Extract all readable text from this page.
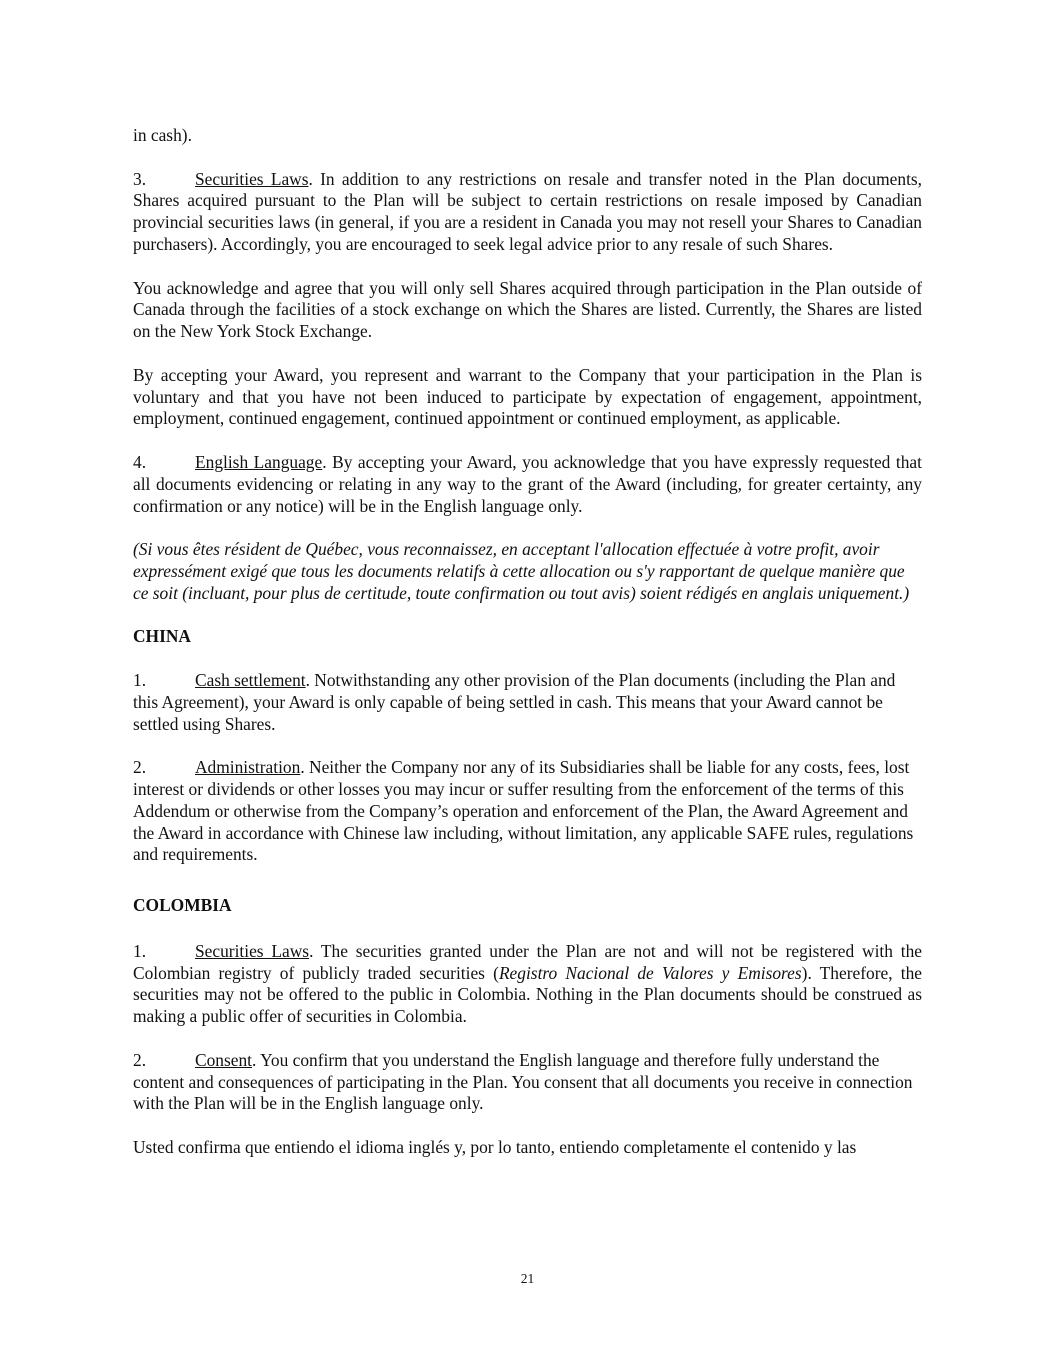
in cash).

3.	Securities Laws. In addition to any restrictions on resale and transfer noted in the Plan documents, Shares acquired pursuant to the Plan will be subject to certain restrictions on resale imposed by Canadian provincial securities laws (in general, if you are a resident in Canada you may not resell your Shares to Canadian purchasers). Accordingly, you are encouraged to seek legal advice prior to any resale of such Shares.

You acknowledge and agree that you will only sell Shares acquired through participation in the Plan outside of Canada through the facilities of a stock exchange on which the Shares are listed. Currently, the Shares are listed on the New York Stock Exchange.

By accepting your Award, you represent and warrant to the Company that your participation in the Plan is voluntary and that you have not been induced to participate by expectation of engagement, appointment, employment, continued engagement, continued appointment or continued employment, as applicable.

4.	English Language. By accepting your Award, you acknowledge that you have expressly requested that all documents evidencing or relating in any way to the grant of the Award (including, for greater certainty, any confirmation or any notice) will be in the English language only.

(Si vous êtes résident de Québec, vous reconnaissez, en acceptant l'allocation effectuée à votre profit, avoir expressément exigé que tous les documents relatifs à cette allocation ou s'y rapportant de quelque manière que ce soit (incluant, pour plus de certitude, toute confirmation ou tout avis) soient rédigés en anglais uniquement.)

CHINA

1.	Cash settlement. Notwithstanding any other provision of the Plan documents (including the Plan and this Agreement), your Award is only capable of being settled in cash. This means that your Award cannot be settled using Shares.

2.	Administration. Neither the Company nor any of its Subsidiaries shall be liable for any costs, fees, lost interest or dividends or other losses you may incur or suffer resulting from the enforcement of the terms of this Addendum or otherwise from the Company’s operation and enforcement of the Plan, the Award Agreement and the Award in accordance with Chinese law including, without limitation, any applicable SAFE rules, regulations and requirements.

COLOMBIA

1.	Securities Laws. The securities granted under the Plan are not and will not be registered with the Colombian registry of publicly traded securities (Registro Nacional de Valores y Emisores). Therefore, the securities may not be offered to the public in Colombia. Nothing in the Plan documents should be construed as making a public offer of securities in Colombia.

2.	Consent. You confirm that you understand the English language and therefore fully understand the content and consequences of participating in the Plan. You consent that all documents you receive in connection with the Plan will be in the English language only.

Usted confirma que entiendo el idioma inglés y, por lo tanto, entiendo completamente el contenido y las

21
